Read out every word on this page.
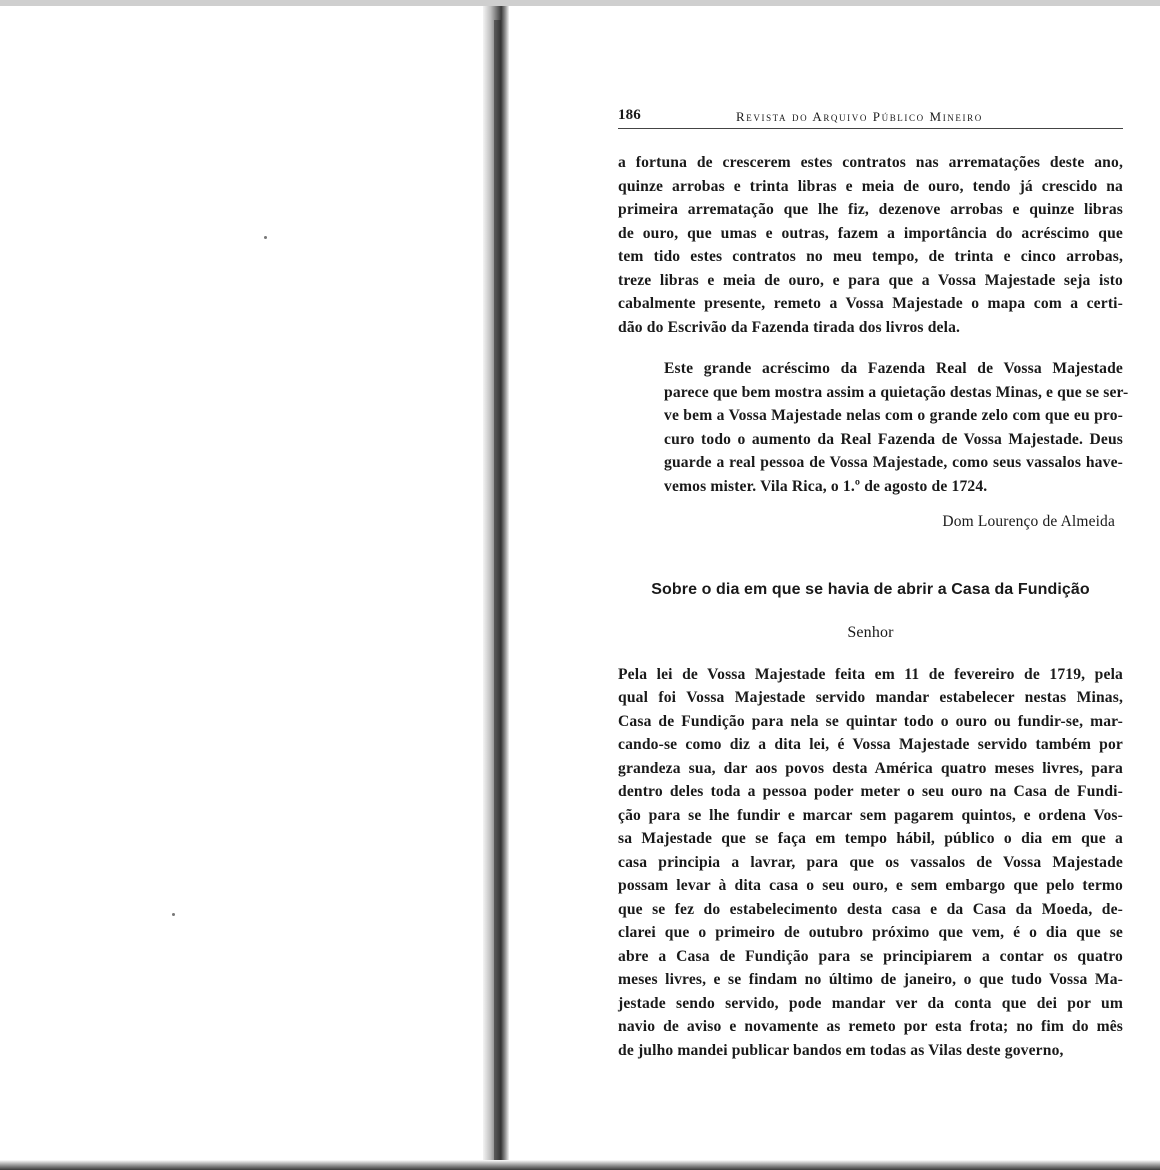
186	Revista do Arquivo Público Mineiro

a fortuna de crescerem estes contratos nas arrematações deste ano,
quinze arrobas e trinta libras e meia de ouro, tendo já crescido na
primeira arrematação que lhe fiz, dezenove arrobas e quinze libras
de ouro, que umas e outras, fazem a importância do acréscimo que
tem tido estes contratos no meu tempo, de trinta e cinco arrobas,
treze libras e meia de ouro, e para que a Vossa Majestade seja isto
cabalmente presente, remeto a Vossa Majestade o mapa com a certi-
dão do Escrivão da Fazenda tirada dos livros dela.

Este grande acréscimo da Fazenda Real de Vossa Majestade
parece que bem mostra assim a quietação destas Minas, e que se ser-
ve bem a Vossa Majestade nelas com o grande zelo com que eu pro-
curo todo o aumento da Real Fazenda de Vossa Majestade. Deus
guarde a real pessoa de Vossa Majestade, como seus vassalos have-
vemos mister. Vila Rica, o 1.º de agosto de 1724.

Dom Lourenço de Almeida
Sobre o dia em que se havia de abrir a Casa da Fundição
Senhor

Pela lei de Vossa Majestade feita em 11 de fevereiro de 1719, pela
qual foi Vossa Majestade servido mandar estabelecer nestas Minas,
Casa de Fundição para nela se quintar todo o ouro ou fundir-se, mar-
cando-se como diz a dita lei, é Vossa Majestade servido também por
grandeza sua, dar aos povos desta América quatro meses livres, para
dentro deles toda a pessoa poder meter o seu ouro na Casa de Fundi-
ção para se lhe fundir e marcar sem pagarem quintos, e ordena Vos-
sa Majestade que se faça em tempo hábil, público o dia em que a
casa principia a lavrar, para que os vassalos de Vossa Majestade
possam levar à dita casa o seu ouro, e sem embargo que pelo termo
que se fez do estabelecimento desta casa e da Casa da Moeda, de-
clarei que o primeiro de outubro próximo que vem, é o dia que se
abre a Casa de Fundição para se principiarem a contar os quatro
meses livres, e se findam no último de janeiro, o que tudo Vossa Ma-
jestade sendo servido, pode mandar ver da conta que dei por um
navio de aviso e novamente as remeto por esta frota; no fim do mês
de julho mandei publicar bandos em todas as Vilas deste governo,
